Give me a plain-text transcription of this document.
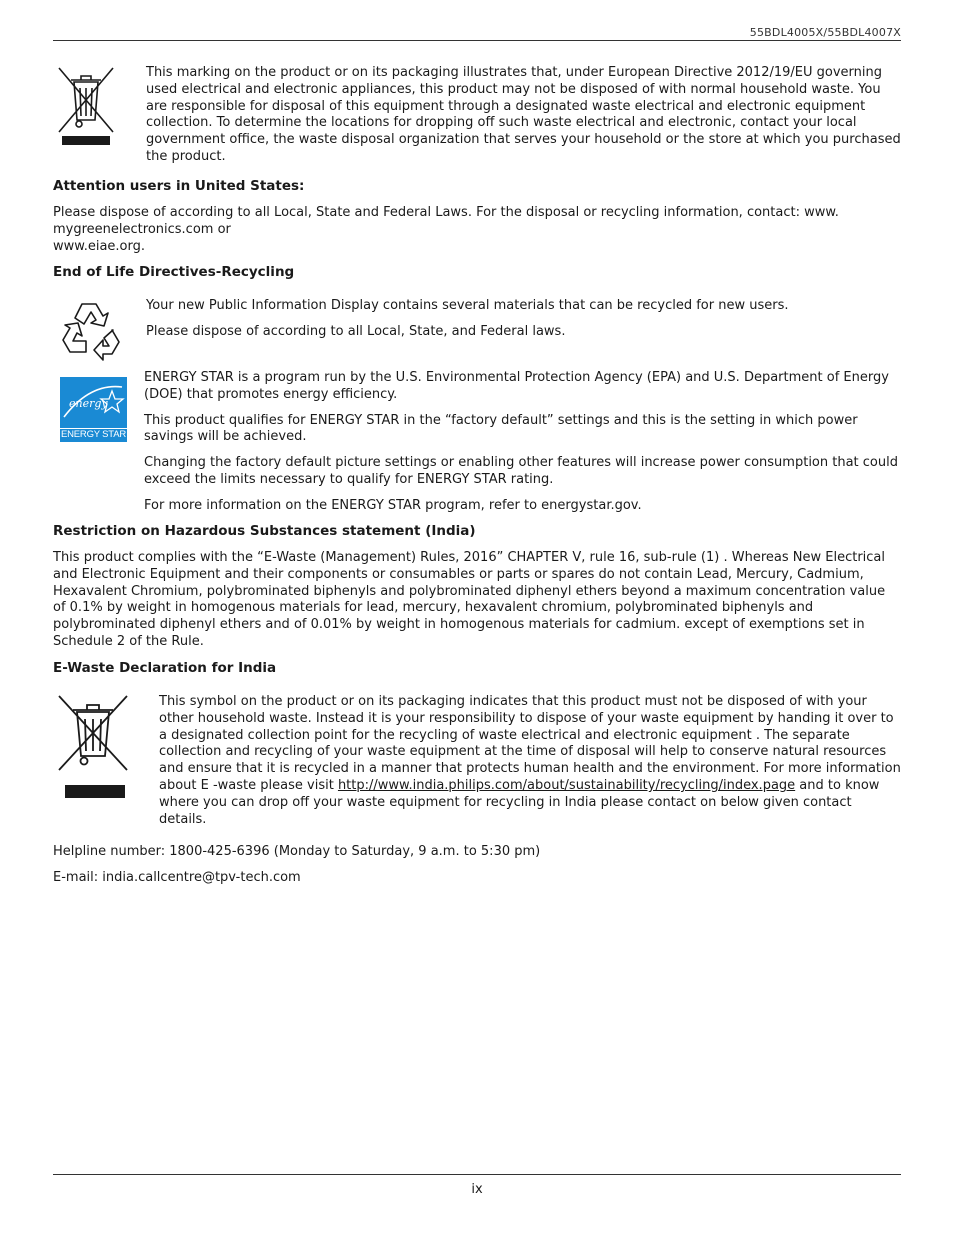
55BDL4005X/55BDL4007X
This marking on the product or on its packaging illustrates that, under European Directive 2012/19/EU governing used electrical and electronic appliances, this product may not be disposed of with normal household waste. You are responsible for disposal of this equipment through a designated waste electrical and electronic equipment collection. To determine the locations for dropping off such waste electrical and electronic, contact your local government office, the waste disposal organization that serves your household or the store at which you purchased the product.
Attention users in United States:

Please dispose of according to all Local, State and Federal Laws. For the disposal or recycling information, contact: www. mygreenelectronics.com or

www.eiae.org.

End of Life Directives-Recycling

Your new Public Information Display contains several materials that can be recycled for new users.

Please dispose of according to all Local, State, and Federal laws.

energy
ENERGY STAR

ENERGY STAR is a program run by the U.S. Environmental Protection Agency (EPA) and U.S. Department of Energy (DOE) that promotes energy efficiency.

This product qualifies for ENERGY STAR in the “factory default” settings and this is the setting in which power savings will be achieved.

Changing the factory default picture settings or enabling other features will increase power consumption that could exceed the limits necessary to qualify for ENERGY STAR rating.

For more information on the ENERGY STAR program, refer to energystar.gov.

Restriction on Hazardous Substances statement (India)
This product complies with the “E-Waste (Management) Rules, 2016” CHAPTER V, rule 16, sub-rule (1) . Whereas New Electrical and Electronic Equipment and their components or consumables or parts or spares do not contain Lead, Mercury, Cadmium, Hexavalent Chromium, polybrominated biphenyls and polybrominated diphenyl ethers beyond a maximum concentration value of 0.1% by weight in homogenous materials for lead, mercury, hexavalent chromium, polybrominated biphenyls and polybrominated diphenyl ethers and of 0.01% by weight in homogenous materials for cadmium. except of exemptions set in Schedule 2 of the Rule.
E-Waste Declaration for India
This symbol on the product or on its packaging indicates that this product must not be disposed of with your other household waste. Instead it is your responsibility to dispose of your waste equipment by handing it over to a designated collection point for the recycling of waste electrical and electronic equipment . The separate collection and recycling of your waste equipment at the time of disposal will help to conserve natural resources and ensure that it is recycled in a manner that protects human health and the environment. For more information about E -waste please visit http://www.india.philips.com/about/sustainability/recycling/index.page and to know where you can drop off your waste equipment for recycling in India please contact on below given contact details.
Helpline number: 1800-425-6396 (Monday to Saturday, 9 a.m. to 5:30 pm)
E-mail: india.callcentre@tpv-tech.com
ix
